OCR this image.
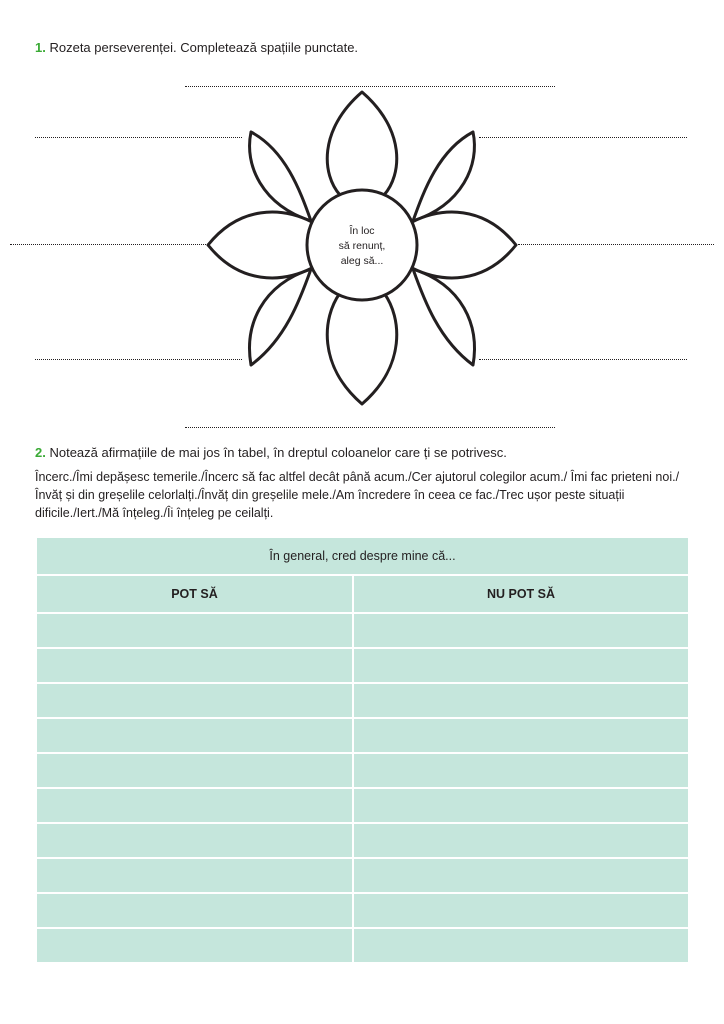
1. Rozeta perseverenței. Completează spațiile punctate.

În loc
să renunț,
aleg să...

2. Notează afirmațiile de mai jos în tabel, în dreptul coloanelor care ți se potrivesc.

Încerc./Îmi depășesc temerile./Încerc să fac altfel decât până acum./Cer ajutorul colegilor acum./ Îmi fac prieteni noi./Învăț și din greșelile celorlalți./Învăț din greșelile mele./Am încredere în ceea ce fac./Trec ușor peste situații dificile./Iert./Mă înțeleg./Îi înțeleg pe ceilalți.

În general, cred despre mine că...	
POT SĂ	NU POT SĂ
